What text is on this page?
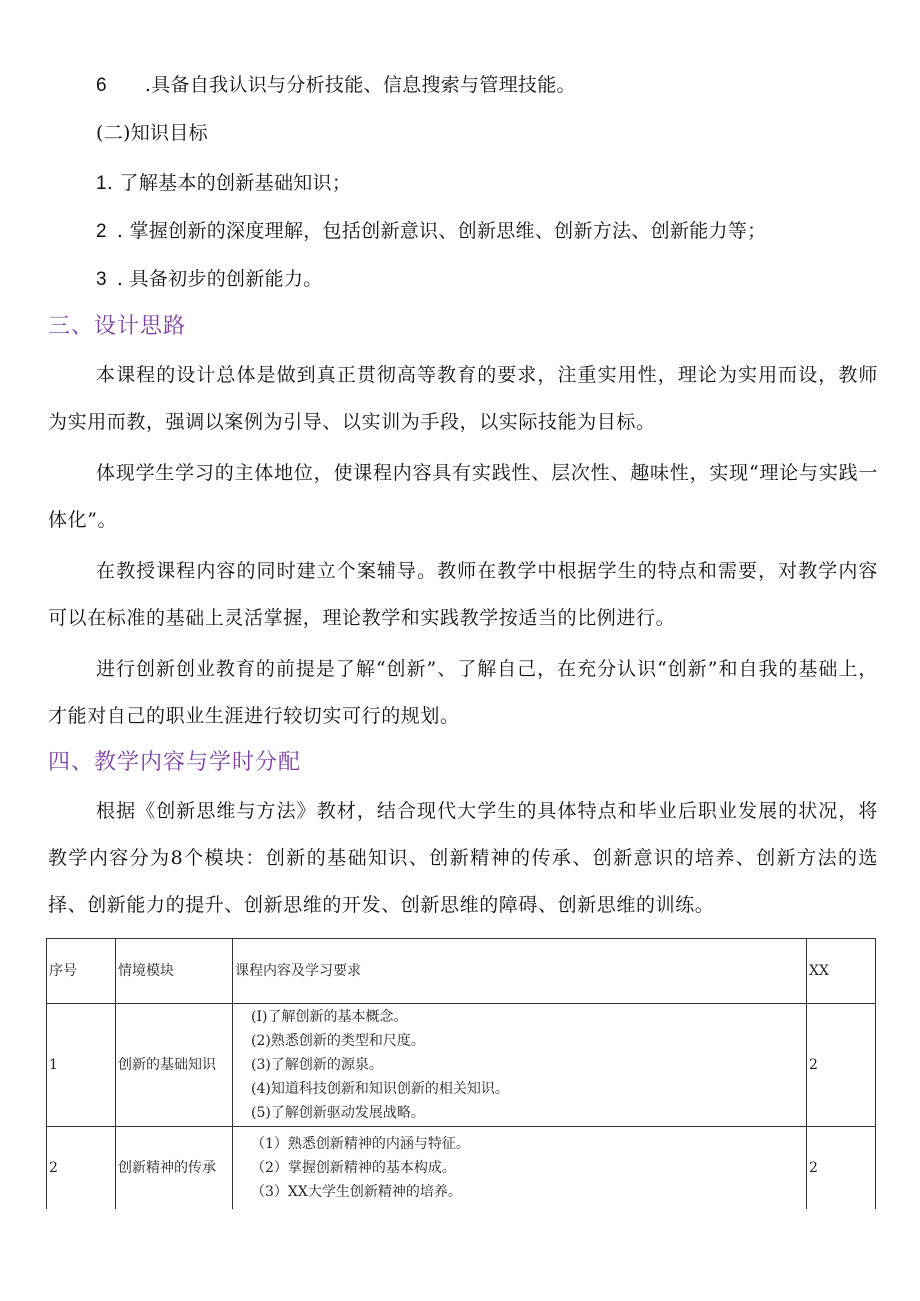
6 .具备自我认识与分析技能、信息搜索与管理技能。
(二)知识目标
1. 了解基本的创新基础知识；
2 . 掌握创新的深度理解，包括创新意识、创新思维、创新方法、创新能力等；
3 . 具备初步的创新能力。
三、设计思路
本课程的设计总体是做到真正贯彻高等教育的要求，注重实用性，理论为实用而设，教师为实用而教，强调以案例为引导、以实训为手段，以实际技能为目标。
体现学生学习的主体地位，使课程内容具有实践性、层次性、趣味性，实现“理论与实践一体化”。
在教授课程内容的同时建立个案辅导。教师在教学中根据学生的特点和需要，对教学内容可以在标准的基础上灵活掌握，理论教学和实践教学按适当的比例进行。
进行创新创业教育的前提是了解“创新”、了解自己，在充分认识“创新”和自我的基础上，才能对自己的职业生涯进行较切实可行的规划。
四、教学内容与学时分配
根据《创新思维与方法》教材，结合现代大学生的具体特点和毕业后职业发展的状况，将教学内容分为8个模块：创新的基础知识、创新精神的传承、创新意识的培养、创新方法的选择、创新能力的提升、创新思维的开发、创新思维的障碍、创新思维的训练。
序号	情境模块	课程内容及学习要求	XX
1	创新的基础知识	(I)了解创新的基本概念。
(2)熟悉创新的类型和尺度。
(3)了解创新的源泉。
(4)知道科技创新和知识创新的相关知识。
(5)了解创新驱动发展战略。	2
2	创新精神的传承	（1）熟悉创新精神的内涵与特征。
（2）掌握创新精神的基本构成。
（3）XX大学生创新精神的培养。	2
